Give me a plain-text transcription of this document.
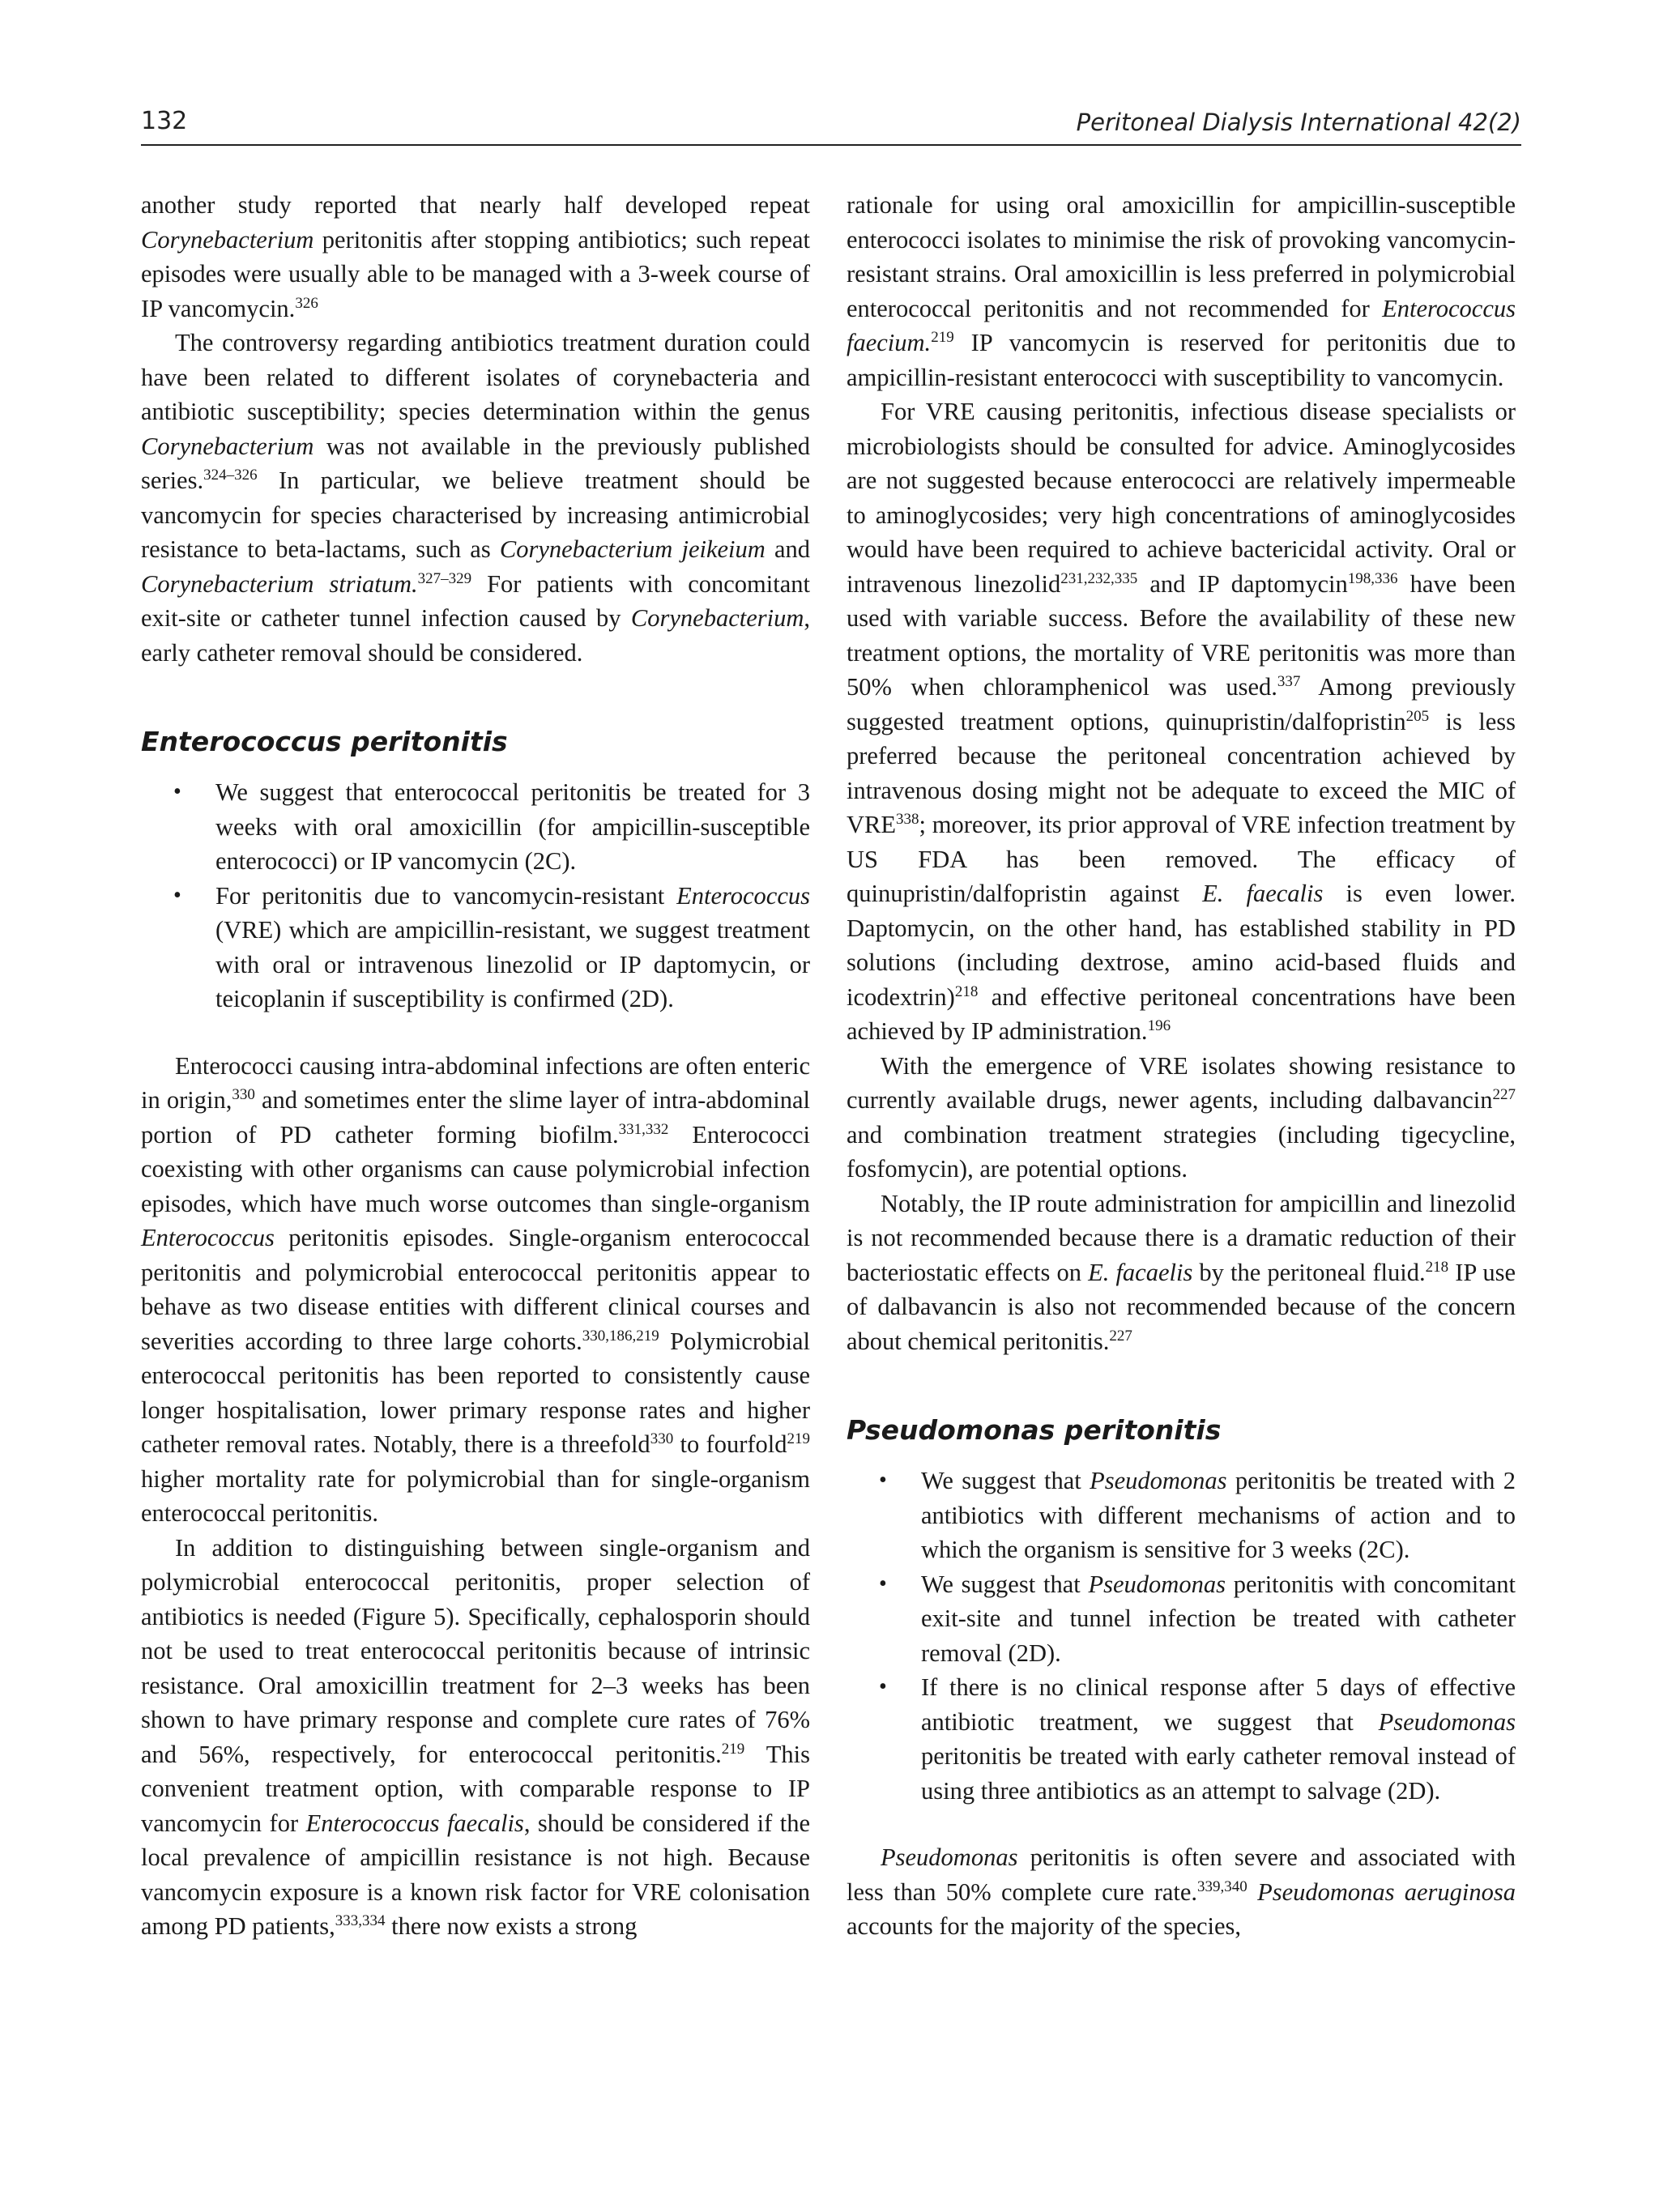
132	Peritoneal Dialysis International 42(2)

another study reported that nearly half developed repeat Corynebacterium peritonitis after stopping antibiotics; such repeat episodes were usually able to be managed with a 3-week course of IP vancomycin.$^{326}$

The controversy regarding antibiotics treatment duration could have been related to different isolates of corynebacteria and antibiotic susceptibility; species determination within the genus Corynebacterium was not available in the previously published series.$^{324-326}$ In particular, we believe treatment should be vancomycin for species characterised by increasing antimicrobial resistance to beta-lactams, such as Corynebacterium jeikeium and Corynebacterium striatum.$^{327-329}$ For patients with concomitant exit-site or catheter tunnel infection caused by Corynebacterium, early catheter removal should be considered.

Enterococcus peritonitis
• We suggest that enterococcal peritonitis be treated for 3 weeks with oral amoxicillin (for ampicillin-susceptible enterococci) or IP vancomycin (2C).
• For peritonitis due to vancomycin-resistant Enterococcus (VRE) which are ampicillin-resistant, we suggest treatment with oral or intravenous linezolid or IP daptomycin, or teicoplanin if susceptibility is confirmed (2D).

Enterococci causing intra-abdominal infections are often enteric in origin,$^{330}$ and sometimes enter the slime layer of intra-abdominal portion of PD catheter forming biofilm.$^{331,332}$ Enterococci coexisting with other organisms can cause polymicrobial infection episodes, which have much worse outcomes than single-organism Enterococcus peritonitis episodes. Single-organism enterococcal peritonitis and polymicrobial enterococcal peritonitis appear to behave as two disease entities with different clinical courses and severities according to three large cohorts.$^{330,186,219}$ Polymicrobial enterococcal peritonitis has been reported to consistently cause longer hospitalisation, lower primary response rates and higher catheter removal rates. Notably, there is a threefold$^{330}$ to fourfold$^{219}$ higher mortality rate for polymicrobial than for single-organism enterococcal peritonitis.

In addition to distinguishing between single-organism and polymicrobial enterococcal peritonitis, proper selection of antibiotics is needed (Figure 5). Specifically, cephalosporin should not be used to treat enterococcal peritonitis because of intrinsic resistance. Oral amoxicillin treatment for 2–3 weeks has been shown to have primary response and complete cure rates of 76% and 56%, respectively, for enterococcal peritonitis.$^{219}$ This convenient treatment option, with comparable response to IP vancomycin for Enterococcus faecalis, should be considered if the local prevalence of ampicillin resistance is not high. Because vancomycin exposure is a known risk factor for VRE colonisation among PD patients,$^{333,334}$ there now exists a strong

rationale for using oral amoxicillin for ampicillin-susceptible enterococci isolates to minimise the risk of provoking vancomycin-resistant strains. Oral amoxicillin is less preferred in polymicrobial enterococcal peritonitis and not recommended for Enterococcus faecium.$^{219}$ IP vancomycin is reserved for peritonitis due to ampicillin-resistant enterococci with susceptibility to vancomycin.

For VRE causing peritonitis, infectious disease specialists or microbiologists should be consulted for advice. Aminoglycosides are not suggested because enterococci are relatively impermeable to aminoglycosides; very high concentrations of aminoglycosides would have been required to achieve bactericidal activity. Oral or intravenous linezolid$^{231,232,335}$ and IP daptomycin$^{198,336}$ have been used with variable success. Before the availability of these new treatment options, the mortality of VRE peritonitis was more than 50% when chloramphenicol was used.$^{337}$ Among previously suggested treatment options, quinupristin/dalfopristin$^{205}$ is less preferred because the peritoneal concentration achieved by intravenous dosing might not be adequate to exceed the MIC of VRE$^{338}$; moreover, its prior approval of VRE infection treatment by US FDA has been removed. The efficacy of quinupristin/dalfopristin against E. faecalis is even lower. Daptomycin, on the other hand, has established stability in PD solutions (including dextrose, amino acid-based fluids and icodextrin)$^{218}$ and effective peritoneal concentrations have been achieved by IP administration.$^{196}$

With the emergence of VRE isolates showing resistance to currently available drugs, newer agents, including dalbavancin$^{227}$ and combination treatment strategies (including tigecycline, fosfomycin), are potential options.

Notably, the IP route administration for ampicillin and linezolid is not recommended because there is a dramatic reduction of their bacteriostatic effects on E. facaelis by the peritoneal fluid.$^{218}$ IP use of dalbavancin is also not recommended because of the concern about chemical peritonitis.$^{227}$

Pseudomonas peritonitis
• We suggest that Pseudomonas peritonitis be treated with 2 antibiotics with different mechanisms of action and to which the organism is sensitive for 3 weeks (2C).
• We suggest that Pseudomonas peritonitis with concomitant exit-site and tunnel infection be treated with catheter removal (2D).
• If there is no clinical response after 5 days of effective antibiotic treatment, we suggest that Pseudomonas peritonitis be treated with early catheter removal instead of using three antibiotics as an attempt to salvage (2D).

Pseudomonas peritonitis is often severe and associated with less than 50% complete cure rate.$^{339,340}$ Pseudomonas aeruginosa accounts for the majority of the species,
